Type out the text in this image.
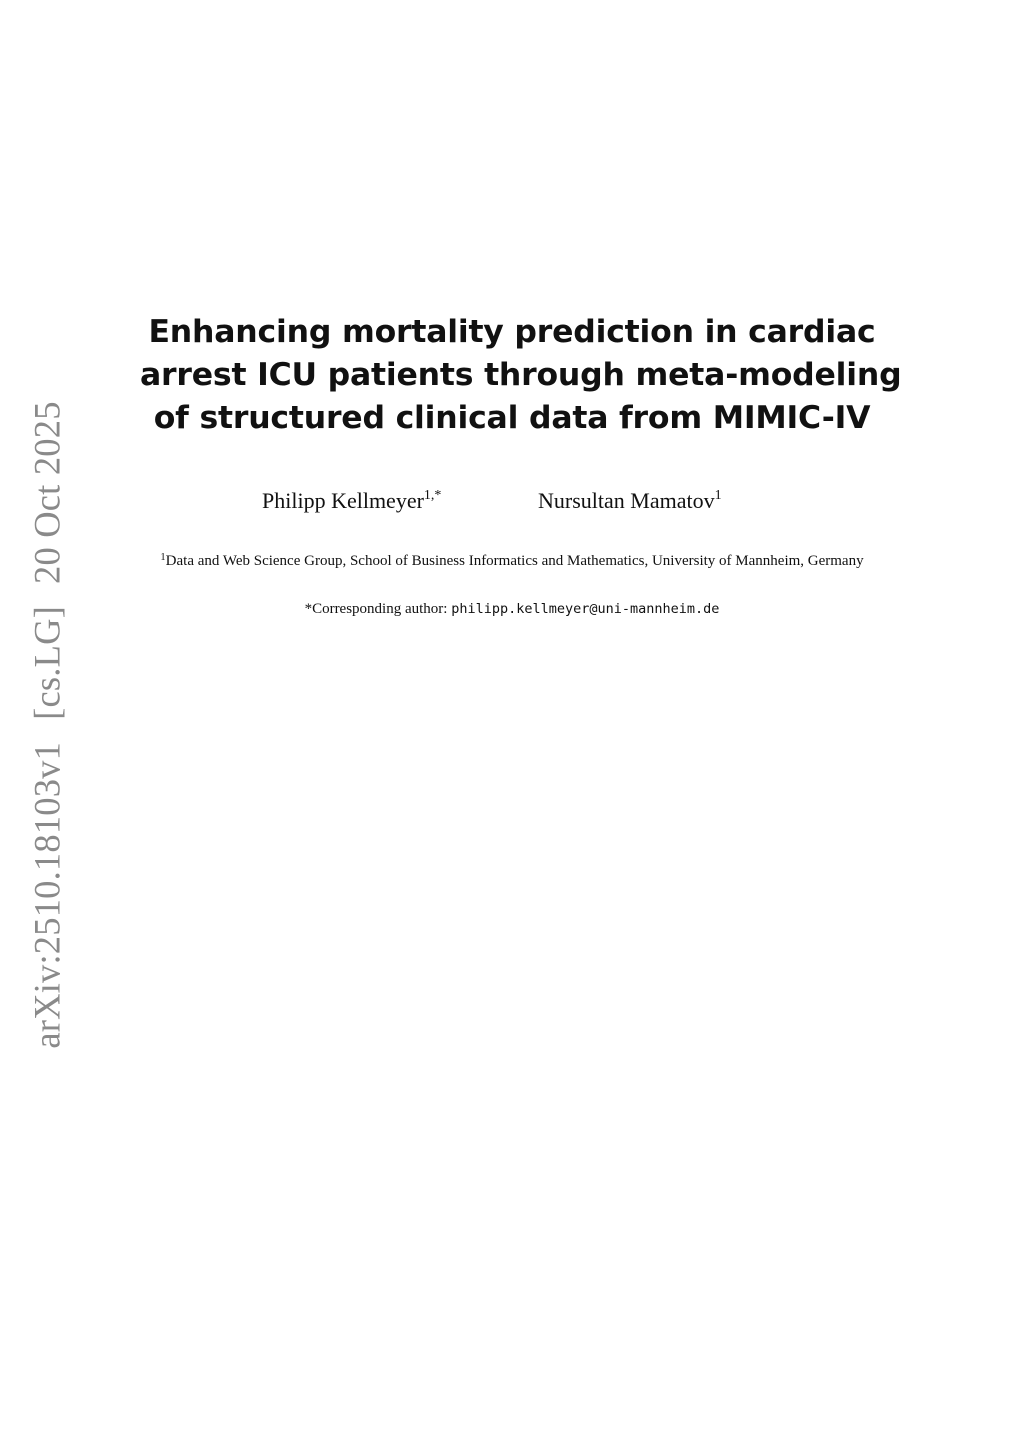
arXiv:2510.18103v1[cs.LG]20 Oct 2025
Enhancing mortality prediction in cardiac
arrest ICU patients through meta-modeling
of structured clinical data from MIMIC-IV
Philipp Kellmeyer$^{1,*}$	Nursultan Mamatov$^1$
$^1$Data and Web Science Group, School of Business Informatics and Mathematics, University of Mannheim, Germany
*Corresponding author: philipp.kellmeyer@uni-mannheim.de
